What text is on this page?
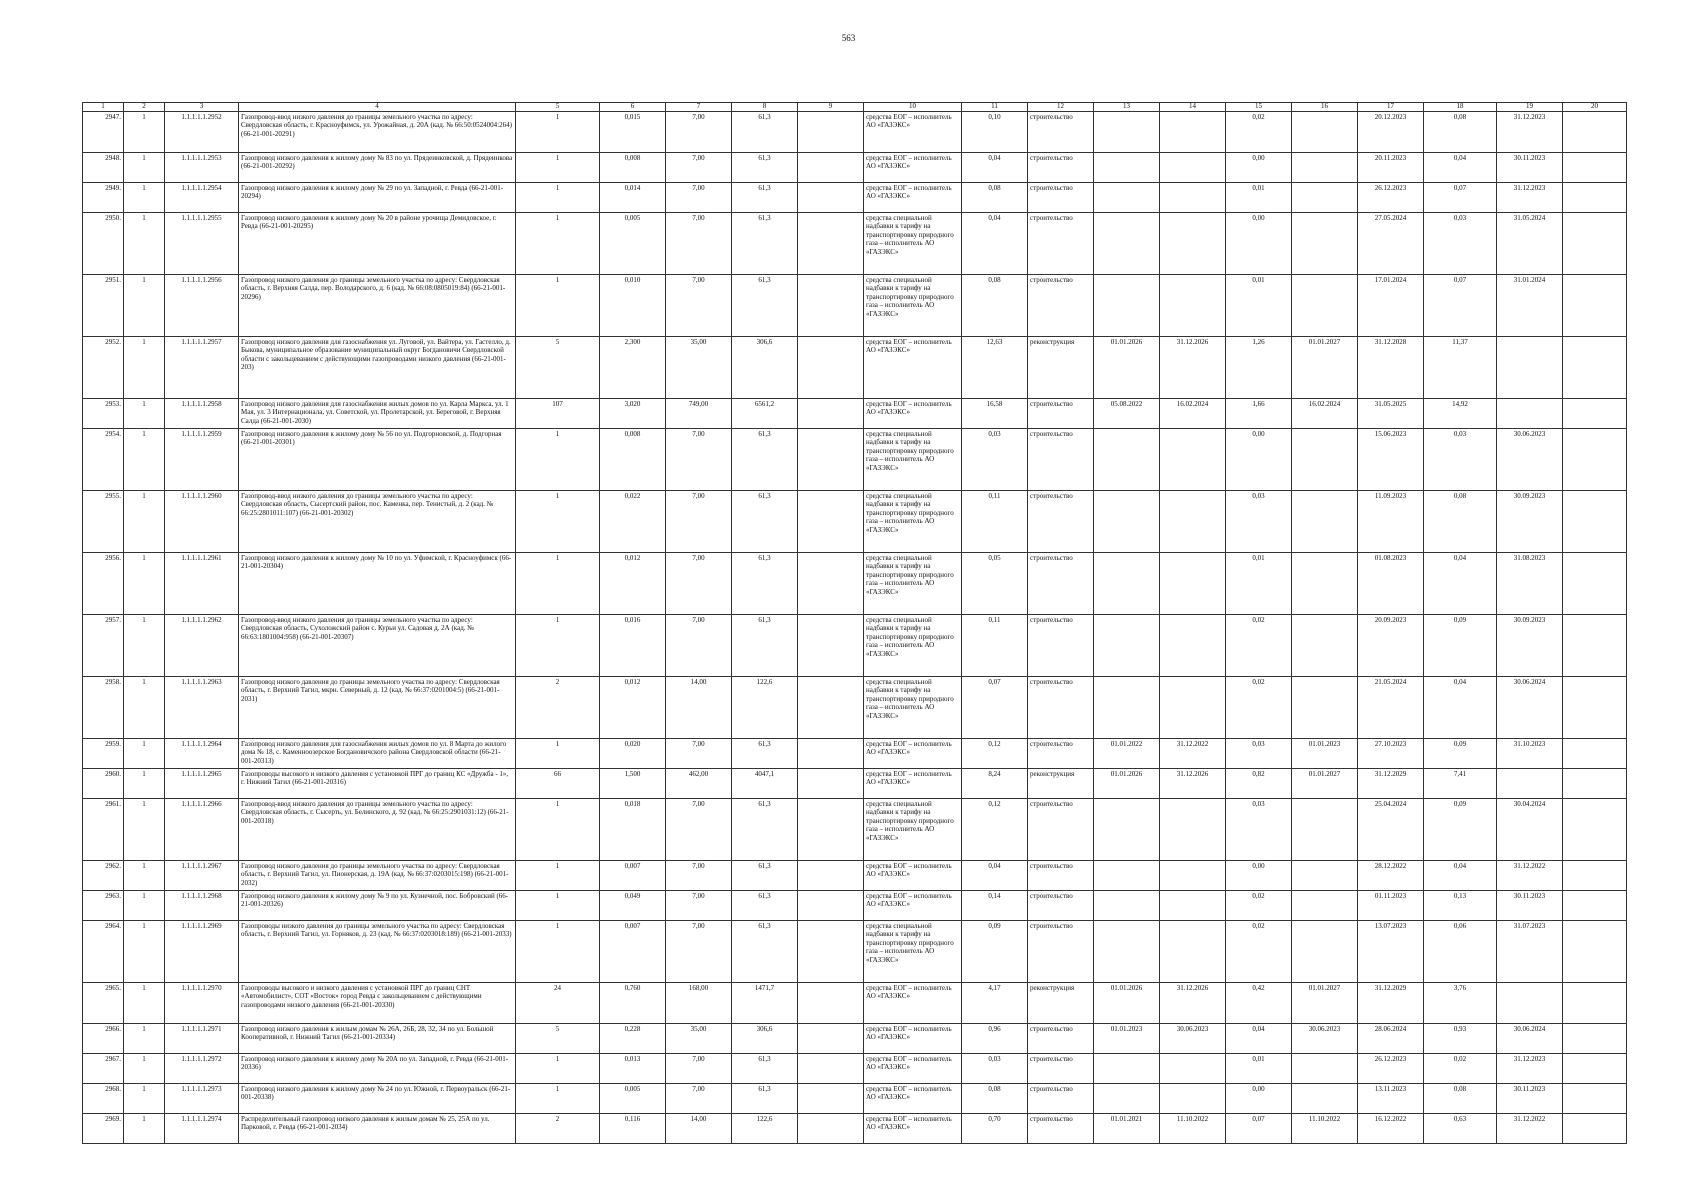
563
1	2	3	4	5	6	7	8	9	10	11	12	13	14	15	16	17	18	19	20
2947.	1	1.1.1.1.1.2952	Газопровод-ввод низкого давления до границы земельного участка по адресу: Свердловская область, г. Красноуфимск, ул. Урожайная, д. 20А (кад. № 66:50:0524004:264) (66-21-001-20291)	1	0,015	7,00	61,3		средства ЕОГ – исполнитель АО «ГАЗЭКС»	0,10	строительство			0,02		20.12.2023	0,08	31.12.2023	
2948.	1	1.1.1.1.1.2953	Газопровод низкого давления к жилому дому № 83 по ул. Прядеинковской, д. Прядеинкова (66-21-001-20292)	1	0,008	7,00	61,3		средства ЕОГ – исполнитель АО «ГАЗЭКС»	0,04	строительство			0,00		20.11.2023	0,04	30.11.2023	
2949.	1	1.1.1.1.1.2954	Газопровод низкого давления к жилому дому № 29 по ул. Западной, г. Ревда (66-21-001-20294)	1	0,014	7,00	61,3		средства ЕОГ – исполнитель АО «ГАЗЭКС»	0,08	строительство			0,01		26.12.2023	0,07	31.12.2023	
2950.	1	1.1.1.1.1.2955	Газопровод низкого давления к жилому дому № 20 в районе урочища Демидовское, г. Ревда (66-21-001-20295)	1	0,005	7,00	61,3		средства специальной надбавки к тарифу на транспортировку природного газа – исполнитель АО «ГАЗЭКС»	0,04	строительство			0,00		27.05.2024	0,03	31.05.2024	
2951.	1	1.1.1.1.1.2956	Газопровод низкого давления до границы земельного участка по адресу: Свердловская область, г. Верхняя Салда, пер. Володарского, д. 6 (кад. № 66:08:0805019:84) (66-21-001-20296)	1	0,010	7,00	61,3		средства специальной надбавки к тарифу на транспортировку природного газа – исполнитель АО «ГАЗЭКС»	0,08	строительство			0,01		17.01.2024	0,07	31.01.2024	
2952.	1	1.1.1.1.1.2957	Газопровод низкого давления для газоснабжения ул. Луговой, ул. Вайтера, ул. Гастелло, д. Быкова, муниципальное образование муниципальный округ Богдановичи Свердловской области с закольцеванием с действующими газопроводами низкого давления (66-21-001-203)	5	2,300	35,00	306,6		средства ЕОГ – исполнитель АО «ГАЗЭКС»	12,63	реконструкция	01.01.2026	31.12.2026	1,26	01.01.2027	31.12.2028	11,37		
2953.	1	1.1.1.1.1.2958	Газопровод низкого давления для газоснабжения жилых домов по ул. Карла Маркса, ул. 1 Мая, ул. 3 Интернационала, ул. Советской, ул. Пролетарской, ул. Береговой, г. Верхняя Салда (66-21-001-2030)	107	3,020	749,00	6561,2		средства ЕОГ – исполнитель АО «ГАЗЭКС»	16,58	строительство	05.08.2022	16.02.2024	1,66	16.02.2024	31.05.2025	14,92		
2954.	1	1.1.1.1.1.2959	Газопровод низкого давления к жилому дому № 56 по ул. Подгорновской, д. Подгорная (66-21-001-20301)	1	0,008	7,00	61,3		средства специальной надбавки к тарифу на транспортировку природного газа – исполнитель АО «ГАЗЭКС»	0,03	строительство			0,00		15.06.2023	0,03	30.06.2023	
2955.	1	1.1.1.1.1.2960	Газопровод-ввод низкого давления до границы земельного участка по адресу: Свердловская область, Сысертский район, пос. Каменка, пер. Тенистый, д. 2 (кад. № 66:25:2801011:107) (66-21-001-20302)	1	0,022	7,00	61,3		средства специальной надбавки к тарифу на транспортировку природного газа – исполнитель АО «ГАЗЭКС»	0,11	строительство			0,03		11.09.2023	0,08	30.09.2023	
2956.	1	1.1.1.1.1.2961	Газопровод низкого давления к жилому дому № 10 по ул. Уфимской, г. Красноуфимск (66-21-001-20304)	1	0,012	7,00	61,3		средства специальной надбавки к тарифу на транспортировку природного газа – исполнитель АО «ГАЗЭКС»	0,05	строительство			0,01		01.08.2023	0,04	31.08.2023	
2957.	1	1.1.1.1.1.2962	Газопровод-ввод низкого давления до границы земельного участка по адресу: Свердловская область, Сухоложский район с. Курьи ул. Садовая д. 2А (кад. № 66:63:1801004:958) (66-21-001-20307)	1	0,016	7,00	61,3		средства специальной надбавки к тарифу на транспортировку природного газа – исполнитель АО «ГАЗЭКС»	0,11	строительство			0,02		20.09.2023	0,09	30.09.2023	
2958.	1	1.1.1.1.1.2963	Газопровод низкого давления до границы земельного участка по адресу: Свердловская область, г. Верхний Тагил, мкрн. Северный, д. 12 (кад. № 66:37:0201004:5) (66-21-001-2031)	2	0,012	14,00	122,6		средства специальной надбавки к тарифу на транспортировку природного газа – исполнитель АО «ГАЗЭКС»	0,07	строительство			0,02		21.05.2024	0,04	30.06.2024	
2959.	1	1.1.1.1.1.2964	Газопровод низкого давления для газоснабжения жилых домов по ул. 8 Марта до жилого дома № 18, с. Каменноозерское Богдановичского района Свердловской области (66-21-001-20313)	1	0,020	7,00	61,3		средства ЕОГ – исполнитель АО «ГАЗЭКС»	0,12	строительство	01.01.2022	31.12.2022	0,03	01.01.2023	27.10.2023	0,09	31.10.2023	
2960.	1	1.1.1.1.1.2965	Газопроводы высокого и низкого давления с установкой ПРГ до границ КС «Дружба - 1», г. Нижний Тагил (66-21-001-20316)	66	1,500	462,00	4047,1		средства ЕОГ – исполнитель АО «ГАЗЭКС»	8,24	реконструкция	01.01.2026	31.12.2026	0,82	01.01.2027	31.12.2029	7,41		
2961.	1	1.1.1.1.1.2966	Газопровод-ввод низкого давления до границы земельного участка по адресу: Свердловская область, г. Сысерть, ул. Белинского, д. 92 (кад. № 66:25:2901031:12) (66-21-001-20318)	1	0,018	7,00	61,3		средства специальной надбавки к тарифу на транспортировку природного газа – исполнитель АО «ГАЗЭКС»	0,12	строительство			0,03		25.04.2024	0,09	30.04.2024	
2962.	1	1.1.1.1.1.2967	Газопровод низкого давления до границы земельного участка по адресу: Свердловская область, г. Верхний Тагил, ул. Пионерская, д. 19А (кад. № 66:37:0203015:198) (66-21-001-2032)	1	0,007	7,00	61,3		средства ЕОГ – исполнитель АО «ГАЗЭКС»	0,04	строительство			0,00		28.12.2022	0,04	31.12.2022	
2963.	1	1.1.1.1.1.2968	Газопровод низкого давления к жилому дому № 9 по ул. Кузнечной, пос. Бобровский (66-21-001-20326)	1	0,049	7,00	61,3		средства ЕОГ – исполнитель АО «ГАЗЭКС»	0,14	строительство			0,02		01.11.2023	0,13	30.11.2023	
2964.	1	1.1.1.1.1.2969	Газопроводы низкого давления до границы земельного участка по адресу: Свердловская область, г. Верхний Тагил, ул. Горняков, д. 23 (кад. № 66:37:0203018:189) (66-21-001-2033)	1	0,007	7,00	61,3		средства специальной надбавки к тарифу на транспортировку природного газа – исполнитель АО «ГАЗЭКС»	0,09	строительство			0,02		13.07.2023	0,06	31.07.2023	
2965.	1	1.1.1.1.1.2970	Газопроводы высокого и низкого давления с установкой ПРГ до границ СНТ «Автомобилист», СОТ «Восток» город Ревда с закольцеванием с действующими газопроводами низкого давления (66-21-001-20330)	24	0,760	168,00	1471,7		средства ЕОГ – исполнитель АО «ГАЗЭКС»	4,17	реконструкция	01.01.2026	31.12.2026	0,42	01.01.2027	31.12.2029	3,76		
2966.	1	1.1.1.1.1.2971	Газопровод низкого давления к жилым домам № 26А, 26Б, 28, 32, 34 по ул. Большой Кооперативной, г. Нижний Тагил (66-21-001-20334)	5	0,228	35,00	306,6		средства ЕОГ – исполнитель АО «ГАЗЭКС»	0,96	строительство	01.01.2023	30.06.2023	0,04	30.06.2023	28.06.2024	0,93	30.06.2024	
2967.	1	1.1.1.1.1.2972	Газопровод низкого давления к жилому дому № 20А по ул. Западной, г. Ревда (66-21-001-20336)	1	0,013	7,00	61,3		средства ЕОГ – исполнитель АО «ГАЗЭКС»	0,03	строительство			0,01		26.12.2023	0,02	31.12.2023	
2968.	1	1.1.1.1.1.2973	Газопровод низкого давления к жилому дому № 24 по ул. Южной, г. Первоуральск (66-21-001-20338)	1	0,005	7,00	61,3		средства ЕОГ – исполнитель АО «ГАЗЭКС»	0,08	строительство			0,00		13.11.2023	0,08	30.11.2023	
2969.	1	1.1.1.1.1.2974	Распределительный газопровод низкого давления к жилым домам № 25, 25А по ул. Парковой, г. Ревда (66-21-001-2034)	2	0,116	14,00	122,6		средства ЕОГ – исполнитель АО «ГАЗЭКС»	0,70	строительство	01.01.2021	11.10.2022	0,07	11.10.2022	16.12.2022	0,63	31.12.2022	
